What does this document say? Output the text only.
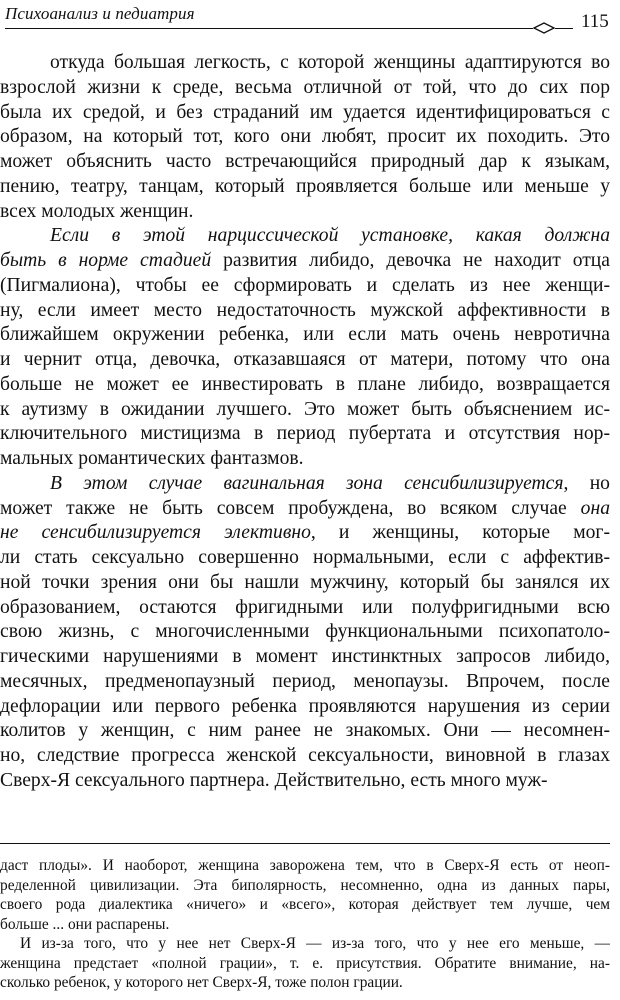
Психоанализ и педиатрия	115
откуда большая легкость, с которой женщины адаптируются во
взрослой жизни к среде, весьма отличной от той, что до сих пор
была их средой, и без страданий им удается идентифицироваться с
образом, на который тот, кого они любят, просит их походить. Это
может объяснить часто встречающийся природный дар к языкам,
пению, театру, танцам, который проявляется больше или меньше у
всех молодых женщин.
Если в этой нарциссической установке, какая должна
быть в норме стадией развития либидо, девочка не находит отца
(Пигмалиона), чтобы ее сформировать и сделать из нее женщи-
ну, если имеет место недостаточность мужской аффективности в
ближайшем окружении ребенка, или если мать очень невротична
и чернит отца, девочка, отказавшаяся от матери, потому что она
больше не может ее инвестировать в плане либидо, возвращается
к аутизму в ожидании лучшего. Это может быть объяснением ис-
ключительного мистицизма в период пубертата и отсутствия нор-
мальных романтических фантазмов.
В этом случае вагинальная зона сенсибилизируется, но
может также не быть совсем пробуждена, во всяком случае она
не сенсибилизируется элективно, и женщины, которые мог-
ли стать сексуально совершенно нормальными, если с аффектив-
ной точки зрения они бы нашли мужчину, который бы занялся их
образованием, остаются фригидными или полуфригидными всю
свою жизнь, с многочисленными функциональными психопатоло-
гическими нарушениями в момент инстинктных запросов либидо,
месячных, предменопаузный период, менопаузы. Впрочем, после
дефлорации или первого ребенка проявляются нарушения из серии
колитов у женщин, с ним ранее не знакомых. Они — несомнен-
но, следствие прогресса женской сексуальности, виновной в глазах
Сверх-Я сексуального партнера. Действительно, есть много муж-
даст плоды». И наоборот, женщина заворожена тем, что в Сверх-Я есть от неоп-
ределенной цивилизации. Эта биполярность, несомненно, одна из данных пары,
своего рода диалектика «ничего» и «всего», которая действует тем лучше, чем
больше ... они распарены.
И из-за того, что у нее нет Сверх-Я — из-за того, что у нее его меньше, —
женщина предстает «полной грации», т. е. присутствия. Обратите внимание, на-
сколько ребенок, у которого нет Сверх-Я, тоже полон грации.
